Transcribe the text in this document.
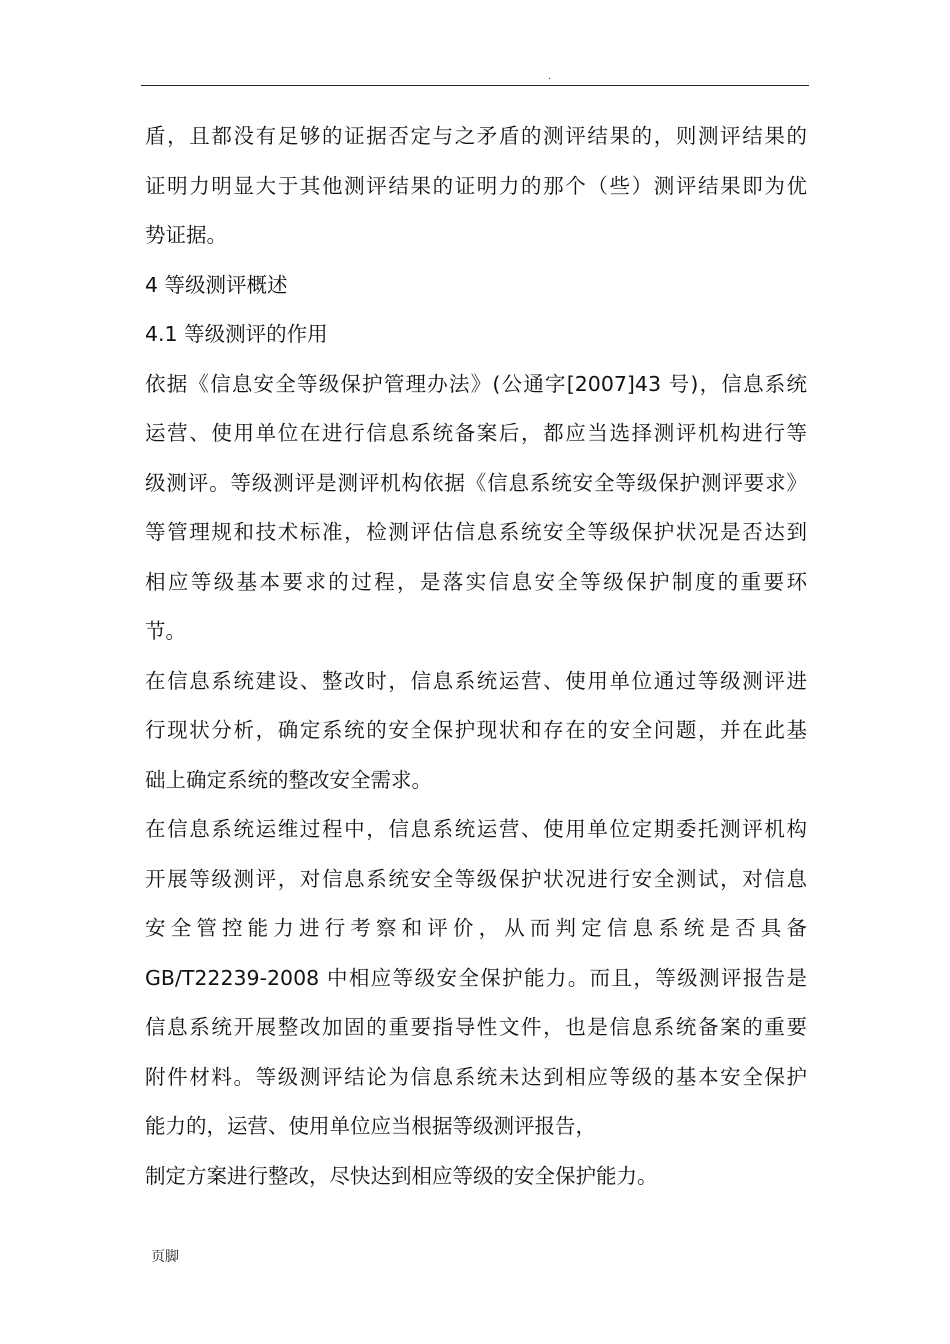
.
盾，且都没有足够的证据否定与之矛盾的测评结果的，则测评结果的
证明力明显大于其他测评结果的证明力的那个（些）测评结果即为优
势证据。
4 等级测评概述
4.1 等级测评的作用
依据《信息安全等级保护管理办法》(公通字[2007]43 号)，信息系统
运营、使用单位在进行信息系统备案后，都应当选择测评机构进行等
级测评。等级测评是测评机构依据《信息系统安全等级保护测评要求》
等管理规和技术标准，检测评估信息系统安全等级保护状况是否达到
相应等级基本要求的过程，是落实信息安全等级保护制度的重要环
节。
在信息系统建设、整改时，信息系统运营、使用单位通过等级测评进
行现状分析，确定系统的安全保护现状和存在的安全问题，并在此基
础上确定系统的整改安全需求。
在信息系统运维过程中，信息系统运营、使用单位定期委托测评机构
开展等级测评，对信息系统安全等级保护状况进行安全测试，对信息
安全管控能力进行考察和评价，从而判定信息系统是否具备
GB/T22239-2008 中相应等级安全保护能力。而且，等级测评报告是
信息系统开展整改加固的重要指导性文件，也是信息系统备案的重要
附件材料。等级测评结论为信息系统未达到相应等级的基本安全保护
能力的，运营、使用单位应当根据等级测评报告，
制定方案进行整改，尽快达到相应等级的安全保护能力。
页脚
